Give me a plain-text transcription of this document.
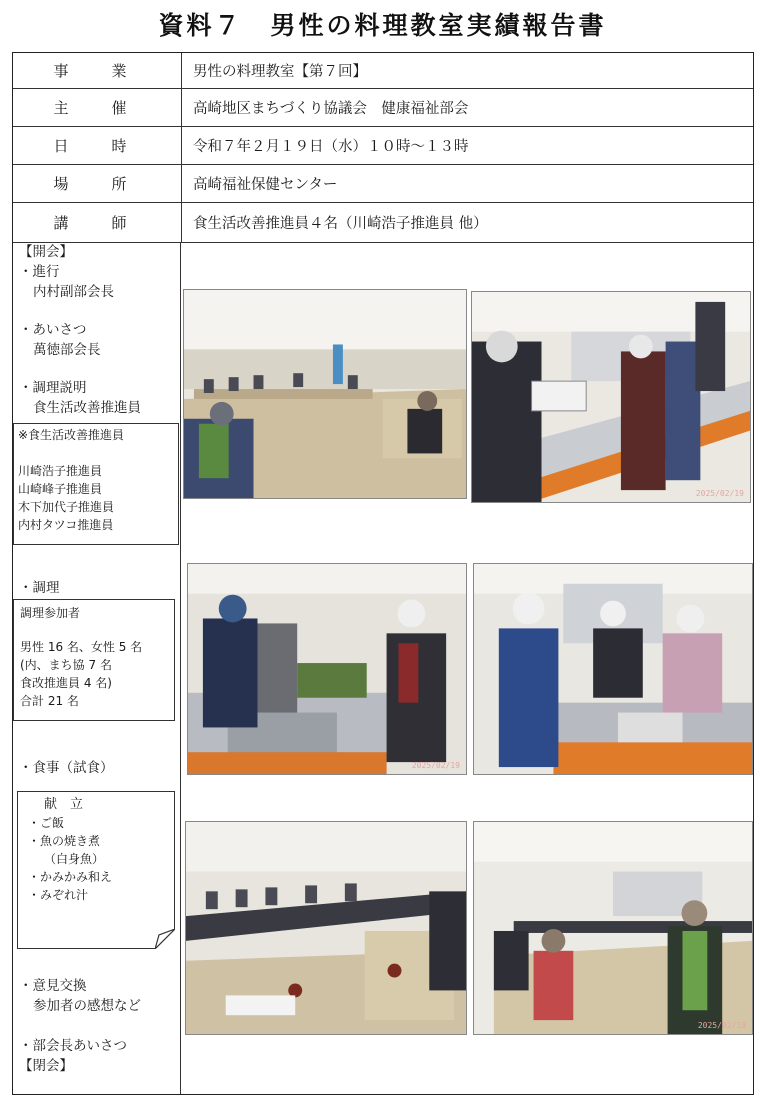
資料７　男性の料理教室実績報告書
事　業	男性の料理教室【第７回】
主　催	高崎地区まちづくり協議会　健康福祉部会
日　時	令和７年２月１９日（水）１０時～１３時
場　所	高崎福祉保健センター
講　師	食生活改善推進員４名（川崎浩子推進員 他）
【開会】
・進行
内村副部会長
・あいさつ
萬徳部会長
・調理説明
食生活改善推進員
※食生活改善推進員
川崎浩子推進員
山崎峰子推進員
木下加代子推進員
内村タツコ推進員
・調理
調理参加者
男性 16 名、女性 5 名
(内、まち協 7 名
食改推進員 4 名)
合計 21 名
・食事（試食）
献　立
・ご飯
・魚の焼き煮
（白身魚）
・かみかみ和え
・みぞれ汁
・意見交換
参加者の感想など
・部会長あいさつ
【閉会】
2025/02/19
2025/02/19
2025/02/19
